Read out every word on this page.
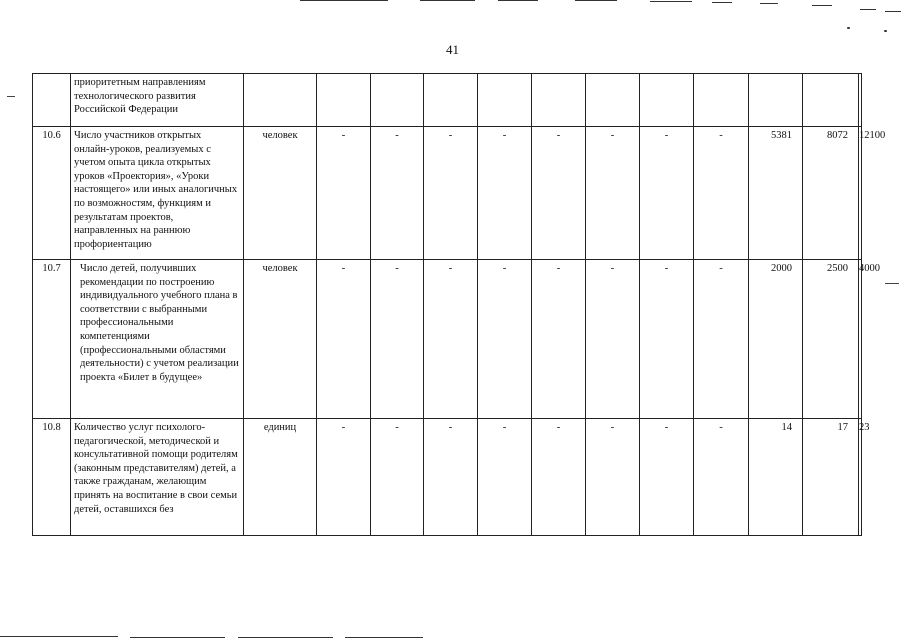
41
	приоритетным направлениям технологического развития Российской Федерации												
10.6	Число участников открытых онлайн-уроков, реализуемых с учетом опыта цикла открытых уроков «Проектория», «Уроки настоящего» или иных аналогичных по возможностям, функциям и результатам проектов, направленных на раннюю профориентацию	человек	-	-	-	-	-	-	-	-	5381	8072	12100
10.7	Число детей, получивших рекомендации по построению индивидуального учебного плана в соответствии с выбранными профессиональными компетенциями (профессиональными областями деятельности) с учетом реализации проекта «Билет в будущее»	человек	-	-	-	-	-	-	-	-	2000	2500	4000
10.8	Количество услуг психолого-педагогической, методической и консультативной помощи родителям (законным представителям) детей, а также гражданам, желающим принять на воспитание в свои семьи детей, оставшихся без	единиц	-	-	-	-	-	-	-	-	14	17	23
